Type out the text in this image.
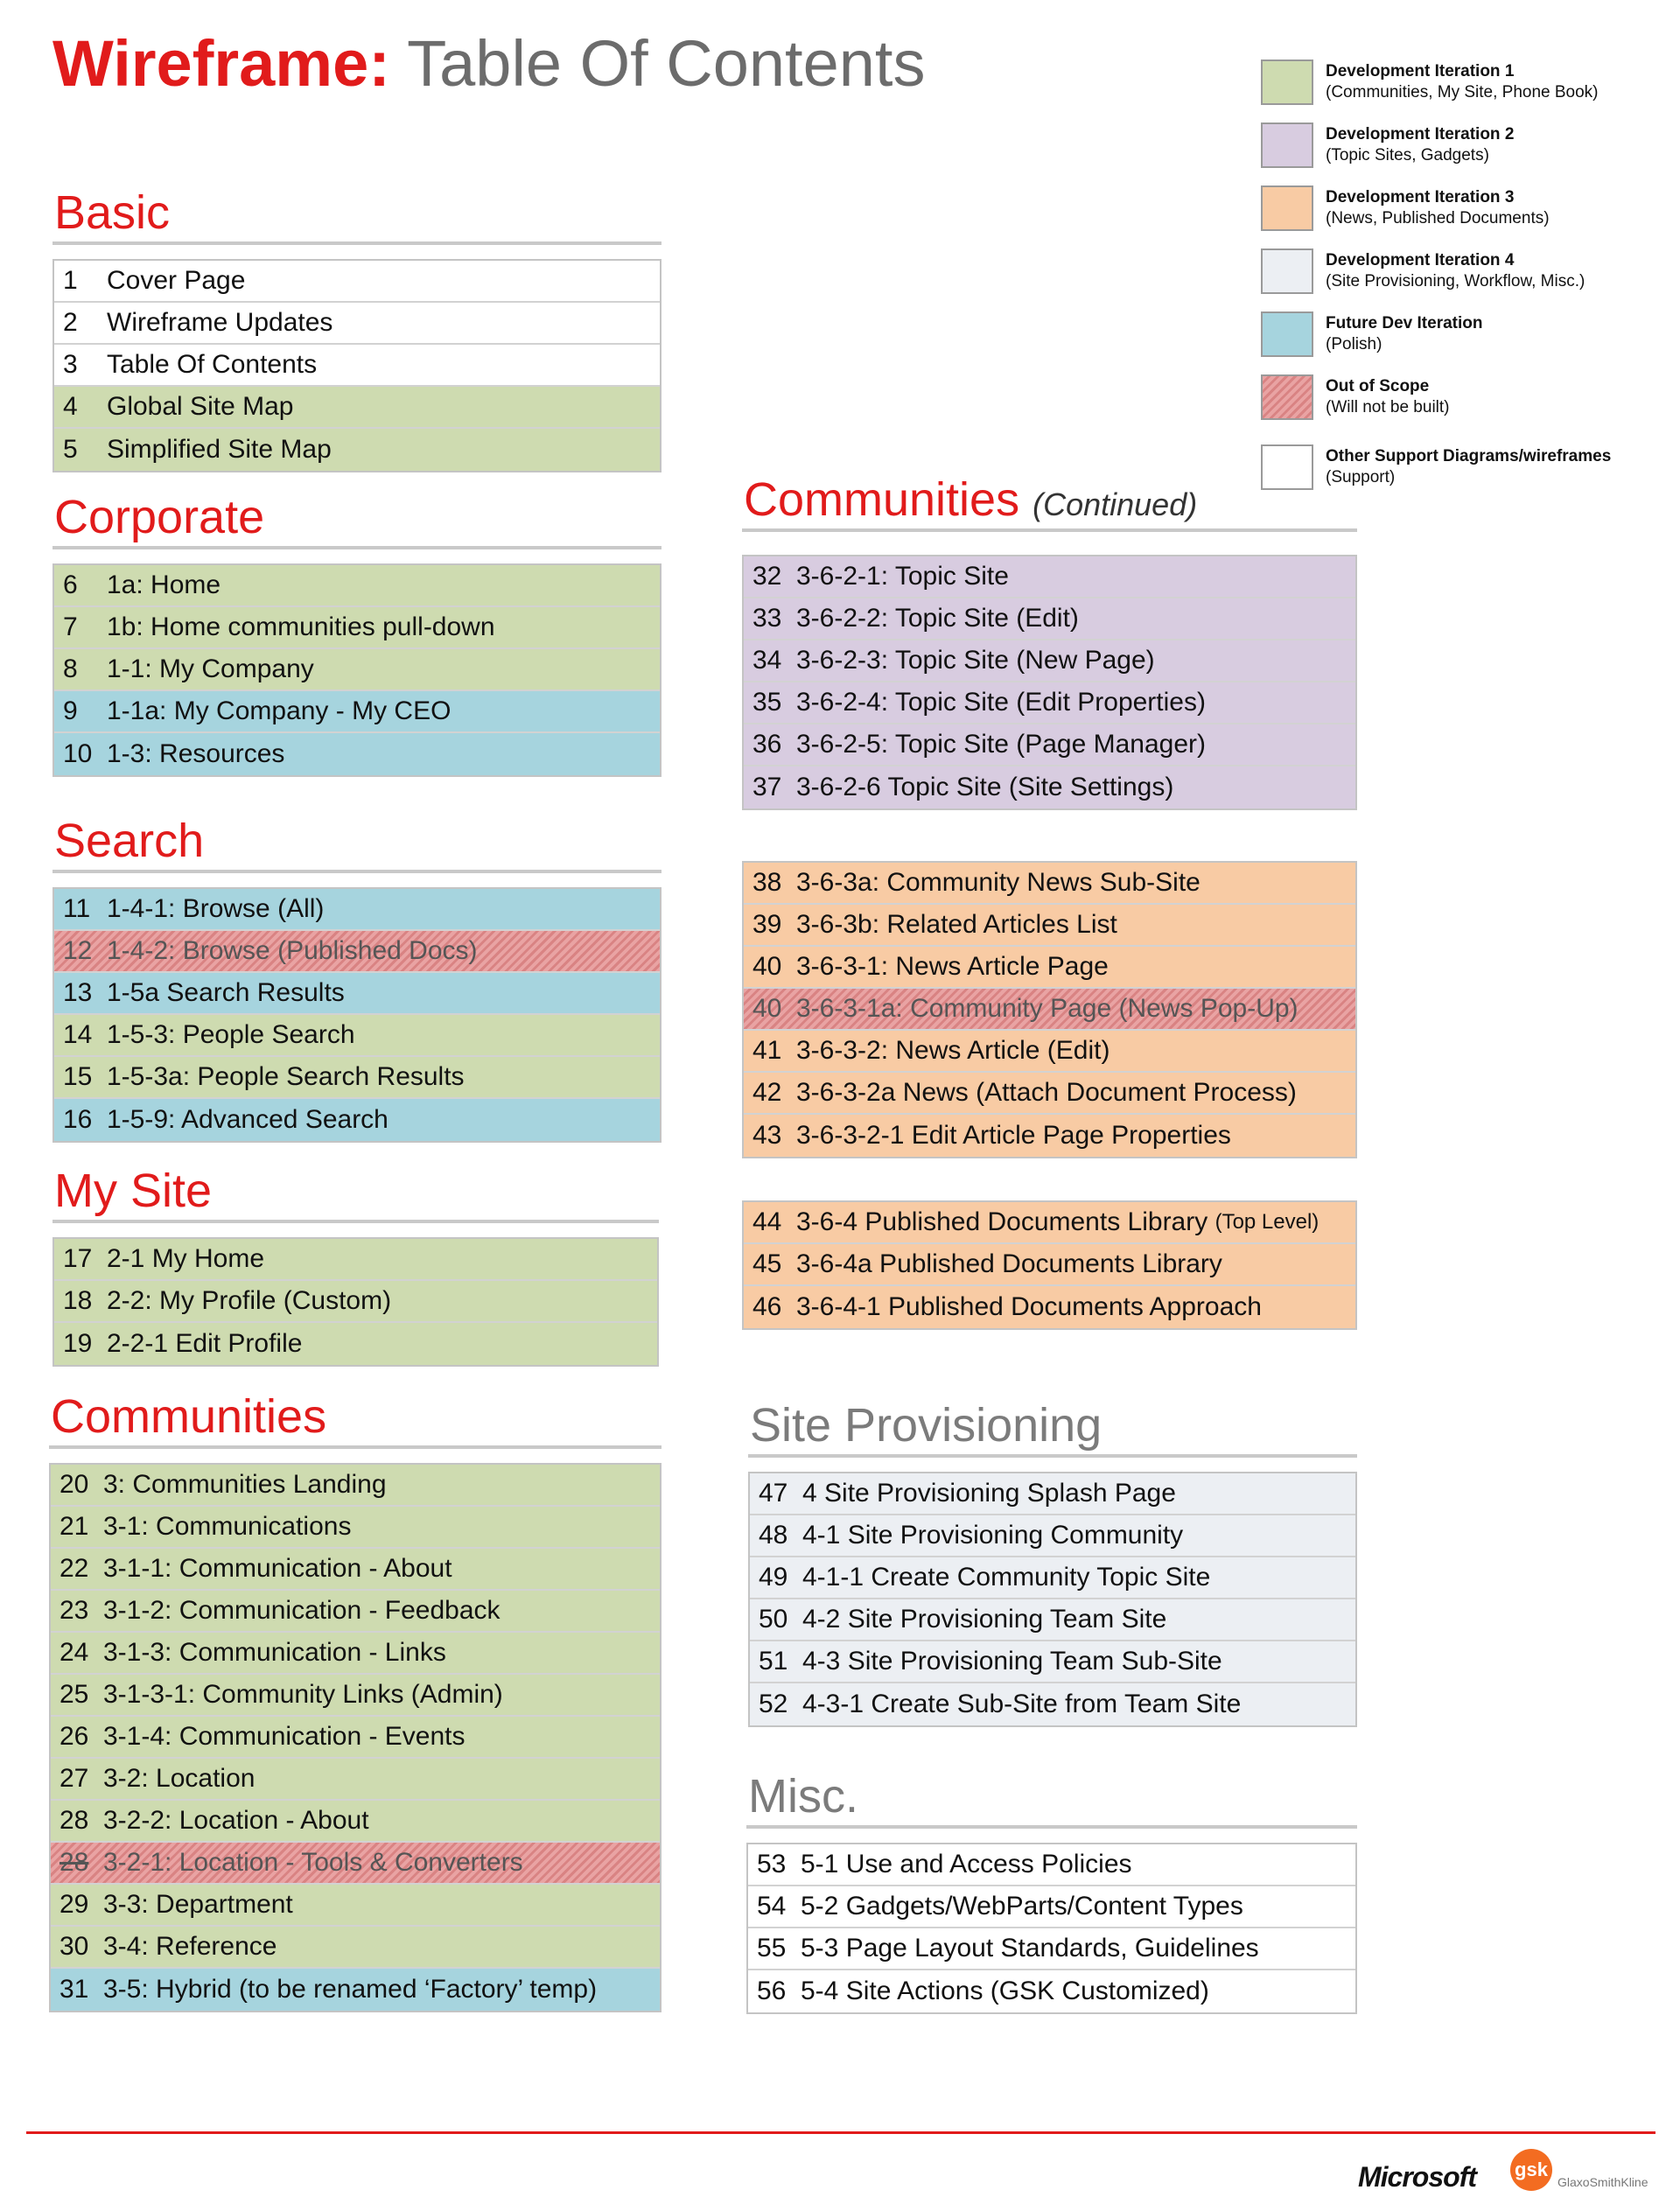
Wireframe: Table Of Contents	Development Iteration 1
(Communities, My Site, Phone Book)
Development Iteration 2
(Topic Sites, Gadgets)
Development Iteration 3
(News, Published Documents)
Development Iteration 4
(Site Provisioning, Workflow, Misc.)
Future Dev Iteration
(Polish)
Out of Scope
(Will not be built)
Other Support Diagrams/wireframes
(Support)
Basic
1	Cover Page
2	Wireframe Updates
3	Table Of Contents
4	Global Site Map
5	Simplified Site Map
Corporate
6	1a: Home
7	1b: Home communities pull-down
8	1-1: My Company
9	1-1a: My Company - My CEO
10 1-3: Resources
Search
11 1-4-1: Browse (All)
12 1-4-2: Browse (Published Docs)
13 1-5a Search Results
14 1-5-3: People Search
15 1-5-3a: People Search Results
16 1-5-9: Advanced Search
My Site
17 2-1 My Home
18 2-2: My Profile (Custom)
19 2-2-1 Edit Profile
Communities
20 3: Communities Landing
21 3-1: Communications
22 3-1-1: Communication - About
23 3-1-2: Communication - Feedback
24 3-1-3: Communication - Links
25 3-1-3-1: Community Links (Admin)
26 3-1-4: Communication - Events
27 3-2: Location
28 3-2-2: Location - About
28 3-2-1: Location - Tools & Converters
29 3-3: Department
30 3-4: Reference
31 3-5: Hybrid (to be renamed ‘Factory’ temp)
Communities (Continued)
32 3-6-2-1: Topic Site
33 3-6-2-2: Topic Site (Edit)
34 3-6-2-3: Topic Site (New Page)
35 3-6-2-4: Topic Site (Edit Properties)
36 3-6-2-5: Topic Site (Page Manager)
37 3-6-2-6 Topic Site (Site Settings)
38 3-6-3a: Community News Sub-Site
39 3-6-3b: Related Articles List
40 3-6-3-1: News Article Page
40 3-6-3-1a: Community Page (News Pop-Up)
41 3-6-3-2: News Article (Edit)
42 3-6-3-2a News (Attach Document Process)
43 3-6-3-2-1 Edit Article Page Properties
44 3-6-4 Published Documents Library
(Top Level)
45 3-6-4a Published Documents Library
46 3-6-4-1 Published Documents Approach
Site Provisioning
47 4 Site Provisioning Splash Page
48 4-1 Site Provisioning Community
49 4-1-1 Create Community Topic Site
50 4-2 Site Provisioning Team Site
51 4-3 Site Provisioning Team Sub-Site
52 4-3-1 Create Sub-Site from Team Site
Misc.
53 5-1 Use and Access Policies
54 5-2 Gadgets/WebParts/Content Types
55 5-3 Page Layout Standards, Guidelines
56 5-4 Site Actions (GSK Customized)
Microsoft gsk
GlaxoSmithKline
